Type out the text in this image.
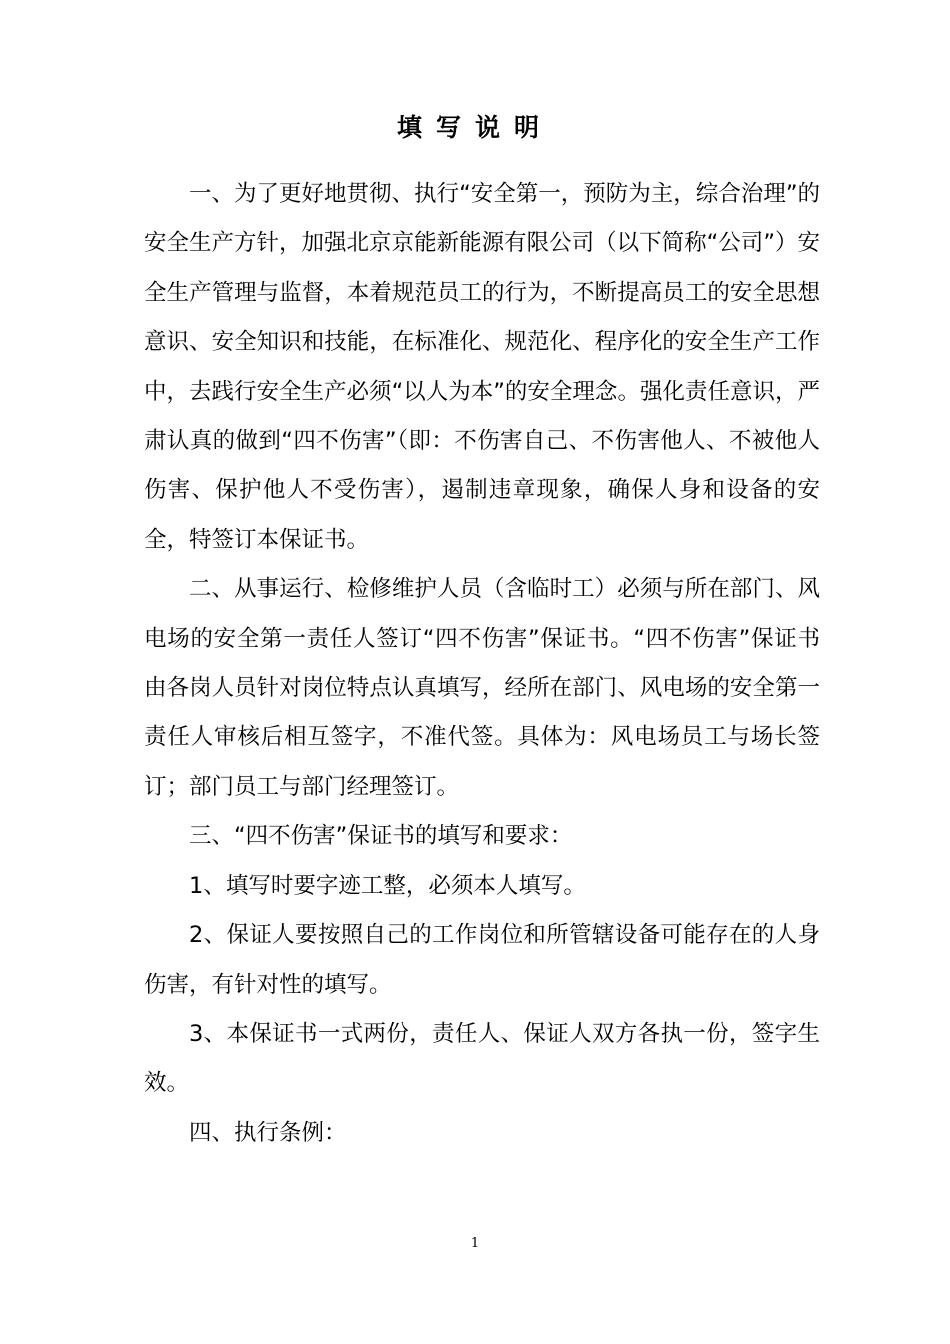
填写说明

一、为了更好地贯彻、执行“安全第一，预防为主，综合治理”的安全生产方针，加强北京京能新能源有限公司（以下简称“公司”）安全生产管理与监督，本着规范员工的行为，不断提高员工的安全思想意识、安全知识和技能，在标准化、规范化、程序化的安全生产工作中，去践行安全生产必须“以人为本”的安全理念。强化责任意识，严肃认真的做到“四不伤害”（即：不伤害自己、不伤害他人、不被他人伤害、保护他人不受伤害），遏制违章现象，确保人身和设备的安全，特签订本保证书。

二、从事运行、检修维护人员（含临时工）必须与所在部门、风电场的安全第一责任人签订“四不伤害”保证书。“四不伤害”保证书由各岗人员针对岗位特点认真填写，经所在部门、风电场的安全第一责任人审核后相互签字，不准代签。具体为：风电场员工与场长签订；部门员工与部门经理签订。

三、“四不伤害”保证书的填写和要求：

1、填写时要字迹工整，必须本人填写。

2、保证人要按照自己的工作岗位和所管辖设备可能存在的人身伤害，有针对性的填写。

3、本保证书一式两份，责任人、保证人双方各执一份，签字生效。

四、执行条例：

1
